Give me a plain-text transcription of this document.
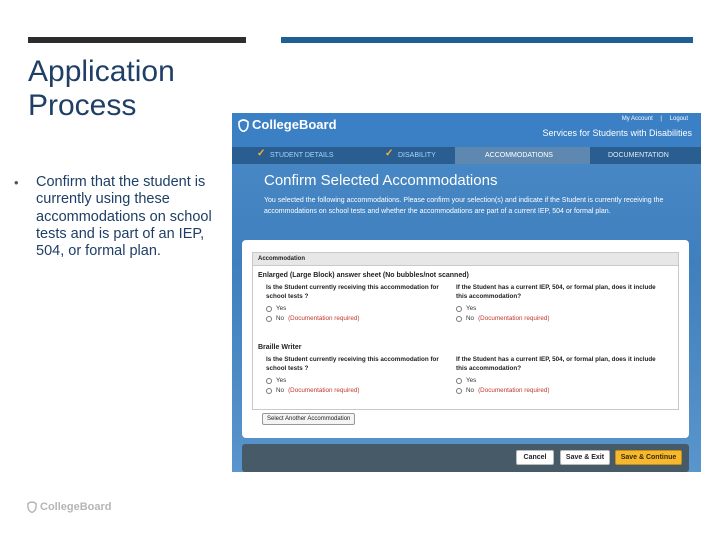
Application Process
•	Confirm that the student is currently using these accommodations on school tests and is part of an IEP, 504, or formal plan.
CollegeBoard	My Account | Logout
Services for Students with Disabilities
✓ STUDENT DETAILS	✓ DISABILITY	ACCOMMODATIONS	DOCUMENTATION
Confirm Selected Accommodations
You selected the following accommodations. Please confirm your selection(s) and indicate if the Student is currently receiving the accommodations on school tests and whether the accommodations are part of a current IEP, 504 or formal plan.
Accommodation
Enlarged (Large Block) answer sheet (No bubbles/not scanned)
Is the Student currently receiving this accommodation for school tests ?
Yes
No (Documentation required)
If the Student has a current IEP, 504, or formal plan, does it include this accommodation?
Yes
No (Documentation required)
Braille Writer
Is the Student currently receiving this accommodation for school tests ?
Yes
No (Documentation required)
If the Student has a current IEP, 504, or formal plan, does it include this accommodation?
Yes
No (Documentation required)
Select Another Accommodation
Cancel	Save & Exit	Save & Continue
CollegeBoard
